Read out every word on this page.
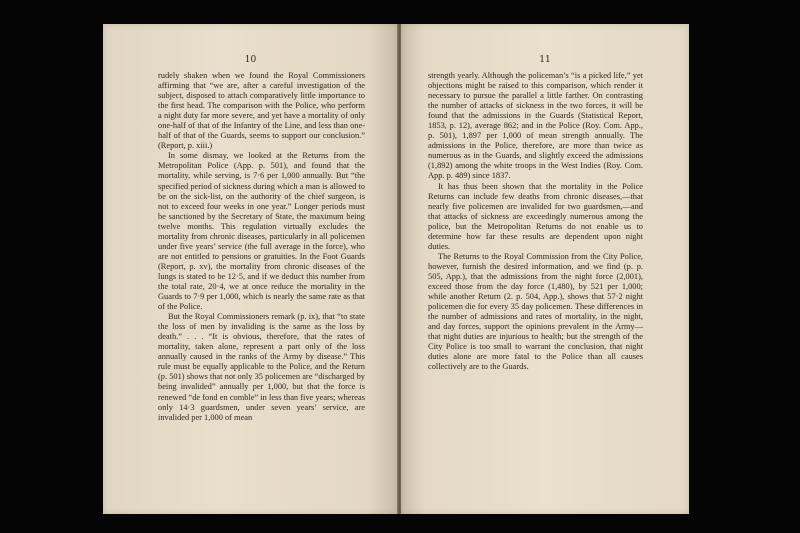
10

rudely shaken when we found the Royal Commissioners affirming that “we are, after a careful investigation of the subject, disposed to attach comparatively little importance to the first head. The comparison with the Police, who perform a night duty far more severe, and yet have a mortality of only one-half of that of the Infantry of the Line, and less than one-half of that of the Guards, seems to support our conclusion.” (Report, p. xiii.)

In some dismay, we looked at the Returns from the Metropolitan Police (App. p. 501), and found that the mortality, while serving, is 7·6 per 1,000 annually. But “the specified period of sickness during which a man is allowed to be on the sick-list, on the authority of the chief surgeon, is not to exceed four weeks in one year.” Longer periods must be sanctioned by the Secretary of State, the maximum being twelve months. This regulation virtually excludes the mortality from chronic diseases, particularly in all policemen under five years’ service (the full average in the force), who are not entitled to pensions or gratuities. In the Foot Guards (Report, p. xv), the mortality from chronic diseases of the lungs is stated to be 12·5, and if we deduct this number from the total rate, 20·4, we at once reduce the mortality in the Guards to 7·9 per 1,000, which is nearly the same rate as that of the Police.

But the Royal Commissioners remark (p. ix), that “to state the loss of men by invaliding is the same as the loss by death.” . . . “It is obvious, therefore, that the rates of mortality, taken alone, represent a part only of the loss annually caused in the ranks of the Army by disease.” This rule must be equally applicable to the Police, and the Return (p. 501) shows that not only 35 policemen are “discharged by being invalided” annually per 1,000, but that the force is renewed “de fond en comble” in less than five years; whereas only 14·3 guardsmen, under seven years’ service, are invalided per 1,000 of mean

11

strength yearly. Although the policeman’s “is a picked life,” yet objections might be raised to this comparison, which render it necessary to pursue the parallel a little farther. On contrasting the number of attacks of sickness in the two forces, it will be found that the admissions in the Guards (Statistical Report, 1853, p. 12), average 862; and in the Police (Roy. Com. App., p. 501), 1,897 per 1,000 of mean strength annually. The admissions in the Police, therefore, are more than twice as numerous as in the Guards, and slightly exceed the admissions (1,892) among the white troops in the West Indies (Roy. Com. App. p. 489) since 1837.

It has thus been shown that the mortality in the Police Returns can include few deaths from chronic diseases,—that nearly five policemen are invalided for two guardsmen,—and that attacks of sickness are exceedingly numerous among the police, but the Metropolitan Returns do not enable us to determine how far these results are dependent upon night duties.

The Returns to the Royal Commission from the City Police, however, furnish the desired information, and we find (p. p. 505, App.), that the admissions from the night force (2,001), exceed those from the day force (1,480), by 521 per 1,000; while another Return (2. p. 504, App.), shows that 57·2 night policemen die for every 35 day policemen. These differences in the number of admissions and rates of mortality, in the night, and day forces, support the opinions prevalent in the Army—that night duties are injurious to health; but the strength of the City Police is too small to warrant the conclusion, that night duties alone are more fatal to the Police than all causes collectively are to the Guards.
